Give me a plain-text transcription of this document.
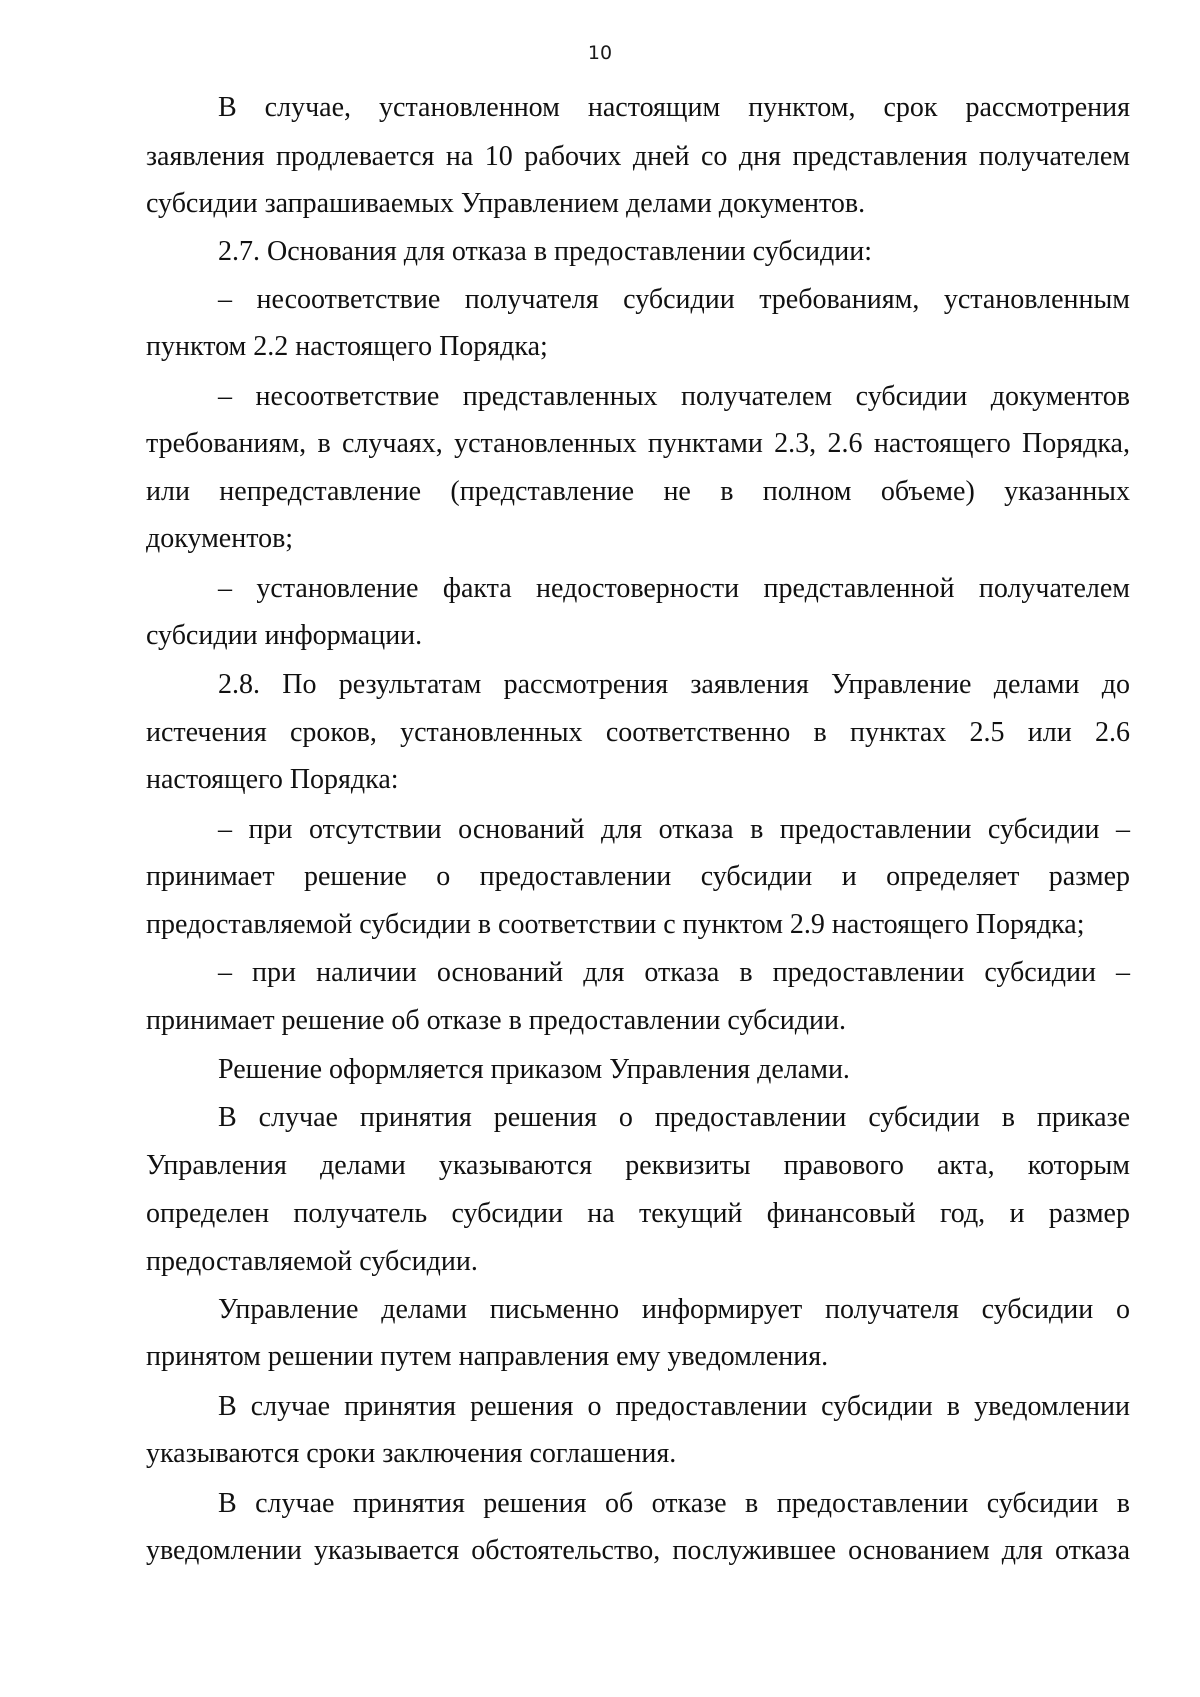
10
В случае, установленном настоящим пунктом, срок рассмотрения
заявления продлевается на 10 рабочих дней со дня представления получателем
субсидии запрашиваемых Управлением делами документов.
2.7. Основания для отказа в предоставлении субсидии:
– несоответствие получателя субсидии требованиям, установленным
пунктом 2.2 настоящего Порядка;
– несоответствие представленных получателем субсидии документов
требованиям, в случаях, установленных пунктами 2.3, 2.6 настоящего Порядка,
или непредставление (представление не в полном объеме) указанных
документов;
– установление факта недостоверности представленной получателем
субсидии информации.
2.8. По результатам рассмотрения заявления Управление делами до
истечения сроков, установленных соответственно в пунктах 2.5 или 2.6
настоящего Порядка:
– при отсутствии оснований для отказа в предоставлении субсидии –
принимает решение о предоставлении субсидии и определяет размер
предоставляемой субсидии в соответствии с пунктом 2.9 настоящего Порядка;
– при наличии оснований для отказа в предоставлении субсидии –
принимает решение об отказе в предоставлении субсидии.
Решение оформляется приказом Управления делами.
В случае принятия решения о предоставлении субсидии в приказе
Управления делами указываются реквизиты правового акта, которым
определен получатель субсидии на текущий финансовый год, и размер
предоставляемой субсидии.
Управление делами письменно информирует получателя субсидии о
принятом решении путем направления ему уведомления.
В случае принятия решения о предоставлении субсидии в уведомлении
указываются сроки заключения соглашения.
В случае принятия решения об отказе в предоставлении субсидии в
уведомлении указывается обстоятельство, послужившее основанием для отказа
